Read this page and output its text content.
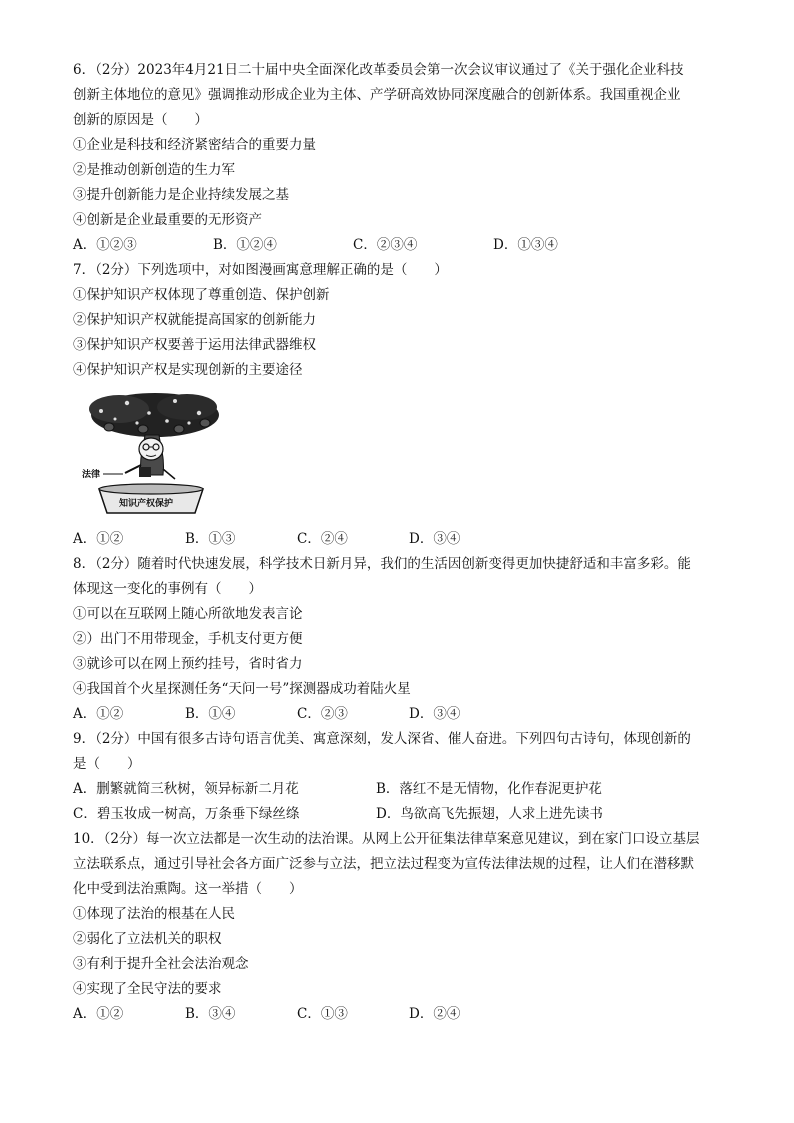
6．（2分）2023年4月21日二十届中央全面深化改革委员会第一次会议审议通过了《关于强化企业科技
创新主体地位的意见》强调推动形成企业为主体、产学研高效协同深度融合的创新体系。我国重视企业
创新的原因是（　　）
①企业是科技和经济紧密结合的重要力量
②是推动创新创造的生力军
③提升创新能力是企业持续发展之基
④创新是企业最重要的无形资产
A．①②③	B．①②④	C．②③④	D．①③④
7．（2分）下列选项中，对如图漫画寓意理解正确的是（　　）
①保护知识产权体现了尊重创造、保护创新
②保护知识产权就能提高国家的创新能力
③保护知识产权要善于运用法律武器维权
④保护知识产权是实现创新的主要途径
法律
知识产权保护
A．①②	B．①③	C．②④	D．③④
8．（2分）随着时代快速发展，科学技术日新月异，我们的生活因创新变得更加快捷舒适和丰富多彩。能
体现这一变化的事例有（　　）
①可以在互联网上随心所欲地发表言论
②）出门不用带现金，手机支付更方便
③就诊可以在网上预约挂号，省时省力
④我国首个火星探测任务“天问一号”探测器成功着陆火星
A．①②	B．①④	C．②③	D．③④
9．（2分）中国有很多古诗句语言优美、寓意深刻，发人深省、催人奋进。下列四句古诗句，体现创新的
是（　　）
A．删繁就简三秋树，领异标新二月花	B．落红不是无情物，化作春泥更护花
C．碧玉妆成一树高，万条垂下绿丝绦	D．鸟欲高飞先振翅，人求上进先读书
10．（2分）每一次立法都是一次生动的法治课。从网上公开征集法律草案意见建议，到在家门口设立基层
立法联系点，通过引导社会各方面广泛参与立法，把立法过程变为宣传法律法规的过程，让人们在潜移默
化中受到法治熏陶。这一举措（　　）
①体现了法治的根基在人民
②弱化了立法机关的职权
③有利于提升全社会法治观念
④实现了全民守法的要求
A．①②	B．③④	C．①③	D．②④
